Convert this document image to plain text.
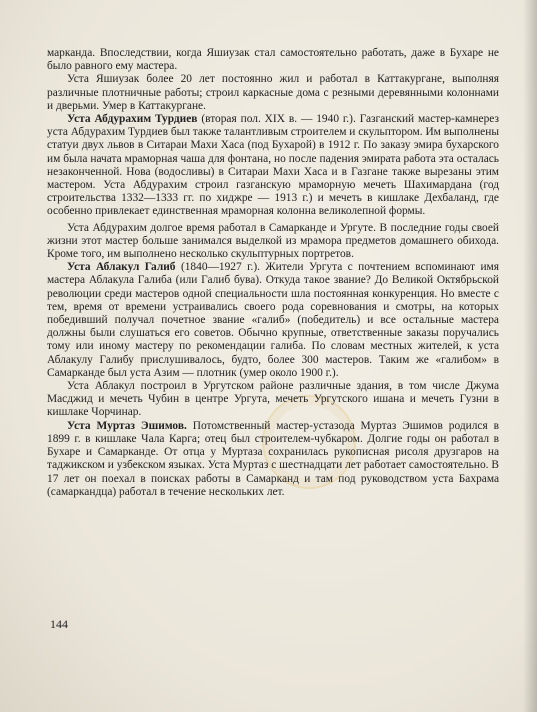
марканда. Впоследствии, когда Яшиузак стал самостоятельно работать, даже в Бухаре не было равного ему мастера.

Уста Яшиузак более 20 лет постоянно жил и работал в Каттакургане, выполняя различные плотничные работы; строил каркасные дома с резными деревянными колоннами и дверьми. Умер в Каттакургане.

Уста Абдурахим Турдиев (вторая пол. XIX в. — 1940 г.). Газганский мастер-камнерез уста Абдурахим Турдиев был также талантливым строителем и скульптором. Им выполнены статуи двух львов в Ситараи Махи Хаса (под Бухарой) в 1912 г. По заказу эмира бухарского им была начата мраморная чаша для фонтана, но после падения эмирата работа эта осталась незаконченной. Нова (водосливы) в Ситараи Махи Хаса и в Газгане также вырезаны этим мастером. Уста Абдурахим строил газганскую мраморную мечеть Шахимардана (год строительства 1332—1333 гг. по хиджре — 1913 г.) и мечеть в кишлаке Дехбаланд, где особенно привлекает единственная мраморная колонна великолепной формы.

Уста Абдурахим долгое время работал в Самарканде и Ургуте. В последние годы своей жизни этот мастер больше занимался выделкой из мрамора предметов домашнего обихода. Кроме того, им выполнено несколько скульптурных портретов.

Уста Аблакул Галиб (1840—1927 г.). Жители Ургута с почтением вспоминают имя мастера Аблакула Галиба (или Галиб бува). Откуда такое звание? До Великой Октябрьской революции среди мастеров одной специальности шла постоянная конкуренция. Но вместе с тем, время от времени устраивались своего рода соревнования и смотры, на которых победивший получал почетное звание «галиб» (победитель) и все остальные мастера должны были слушаться его советов. Обычно крупные, ответственные заказы поручались тому или иному мастеру по рекомендации галиба. По словам местных жителей, к уста Аблакулу Галибу прислушивалось, будто, более 300 мастеров. Таким же «галибом» в Самарканде был уста Азим — плотник (умер около 1900 г.).

Уста Аблакул построил в Ургутском районе различные здания, в том числе Джума Масджид и мечеть Чубин в центре Ургута, мечеть Ургутского ишана и мечеть Гузни в кишлаке Чорчинар.

Уста Муртаз Эшимов. Потомственный мастер-устазода Муртаз Эшимов родился в 1899 г. в кишлаке Чала Карга; отец был строителем-чубкаром. Долгие годы он работал в Бухаре и Самарканде. От отца у Муртаза сохранилась рукописная рисоля друзгаров на таджикском и узбекском языках. Уста Муртаз с шестнадцати лет работает самостоятельно. В 17 лет он поехал в поисках работы в Самарканд и там под руководством уста Бахрама (самаркандца) работал в течение нескольких лет.

144
